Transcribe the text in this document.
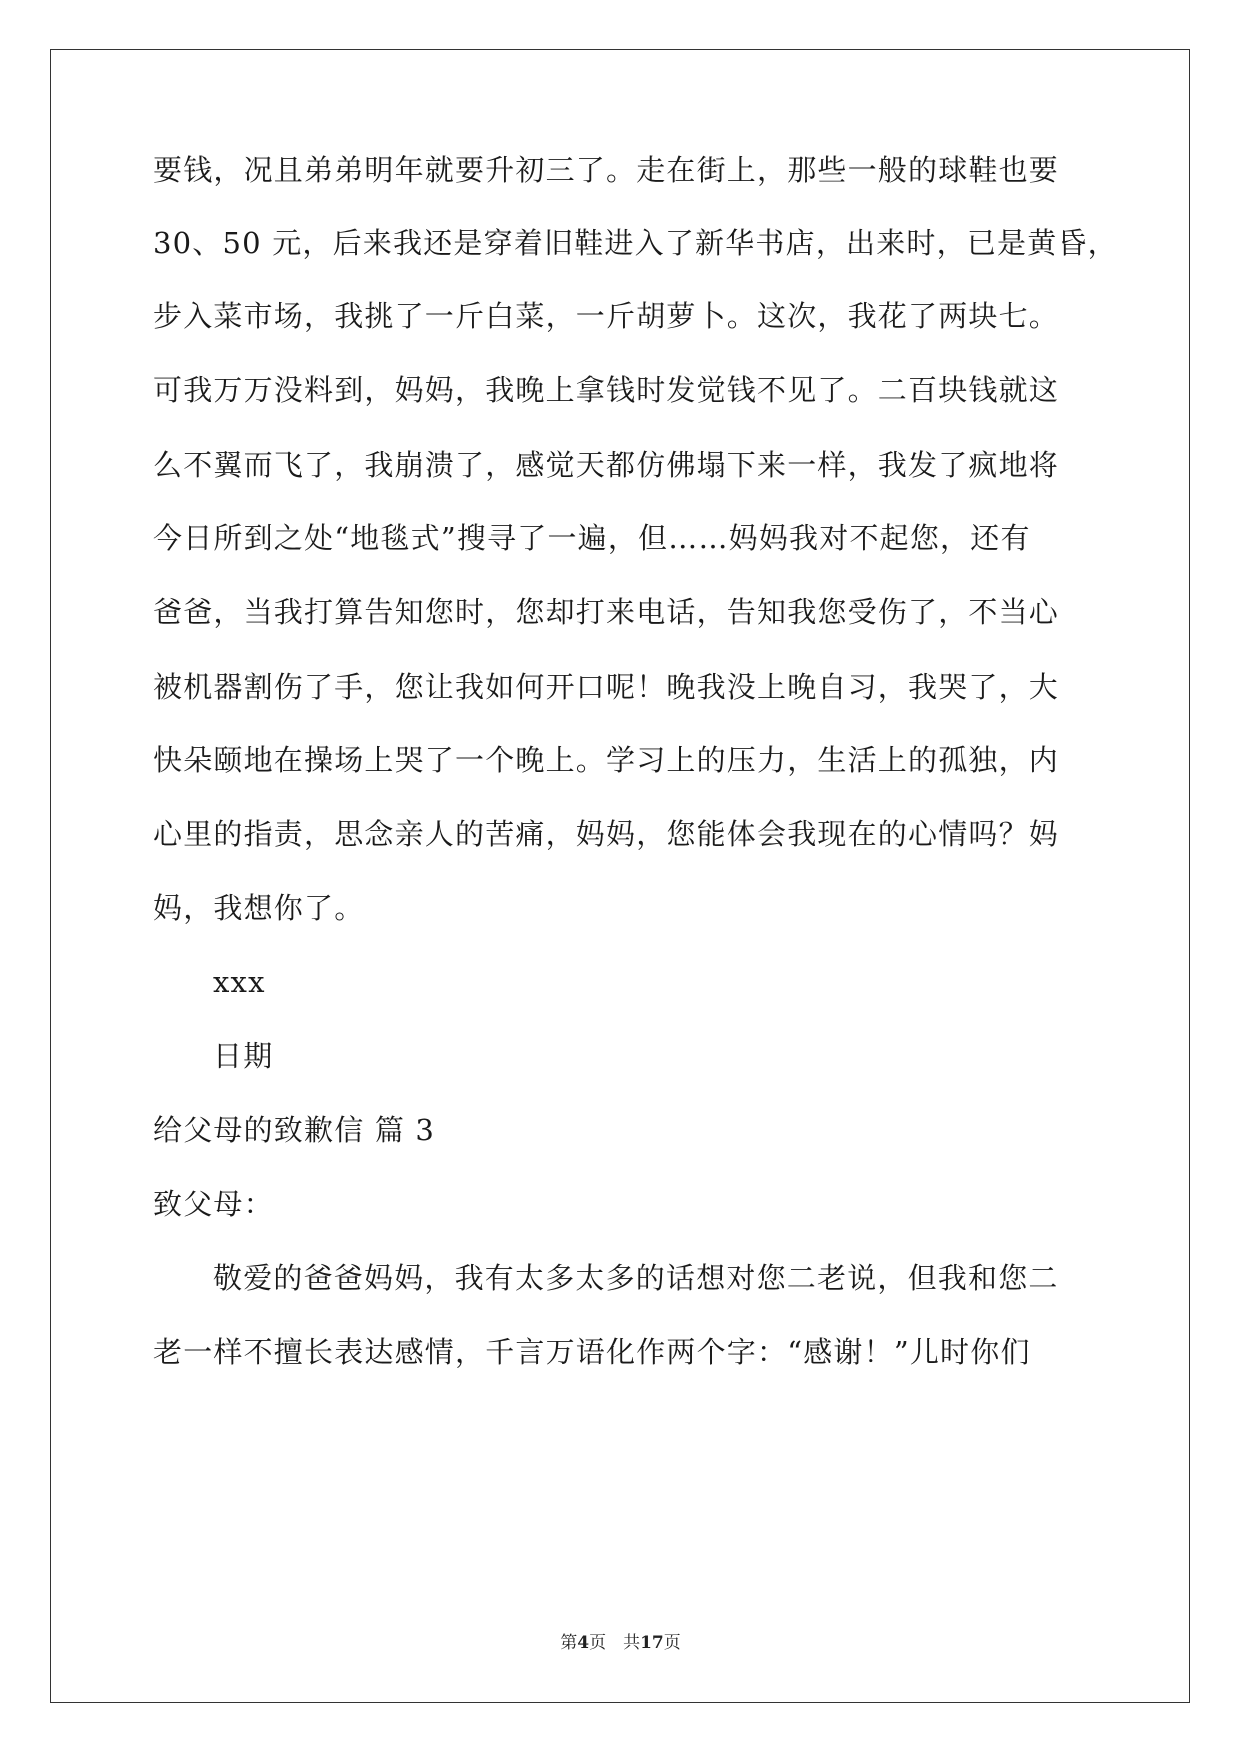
要钱，况且弟弟明年就要升初三了。走在街上，那些一般的球鞋也要
30、50 元，后来我还是穿着旧鞋进入了新华书店，出来时，已是黄昏，
步入菜市场，我挑了一斤白菜，一斤胡萝卜。这次，我花了两块七。
可我万万没料到，妈妈，我晚上拿钱时发觉钱不见了。二百块钱就这
么不翼而飞了，我崩溃了，感觉天都仿佛塌下来一样，我发了疯地将
今日所到之处“地毯式”搜寻了一遍，但……妈妈我对不起您，还有
爸爸，当我打算告知您时，您却打来电话，告知我您受伤了，不当心
被机器割伤了手，您让我如何开口呢！晚我没上晚自习，我哭了，大
快朵颐地在操场上哭了一个晚上。学习上的压力，生活上的孤独，内
心里的指责，思念亲人的苦痛，妈妈，您能体会我现在的心情吗？妈
妈，我想你了。
xxx
日期
给父母的致歉信 篇 3
致父母：
敬爱的爸爸妈妈，我有太多太多的话想对您二老说，但我和您二
老一样不擅长表达感情，千言万语化作两个字：“感谢！”儿时你们
第4页　共17页
